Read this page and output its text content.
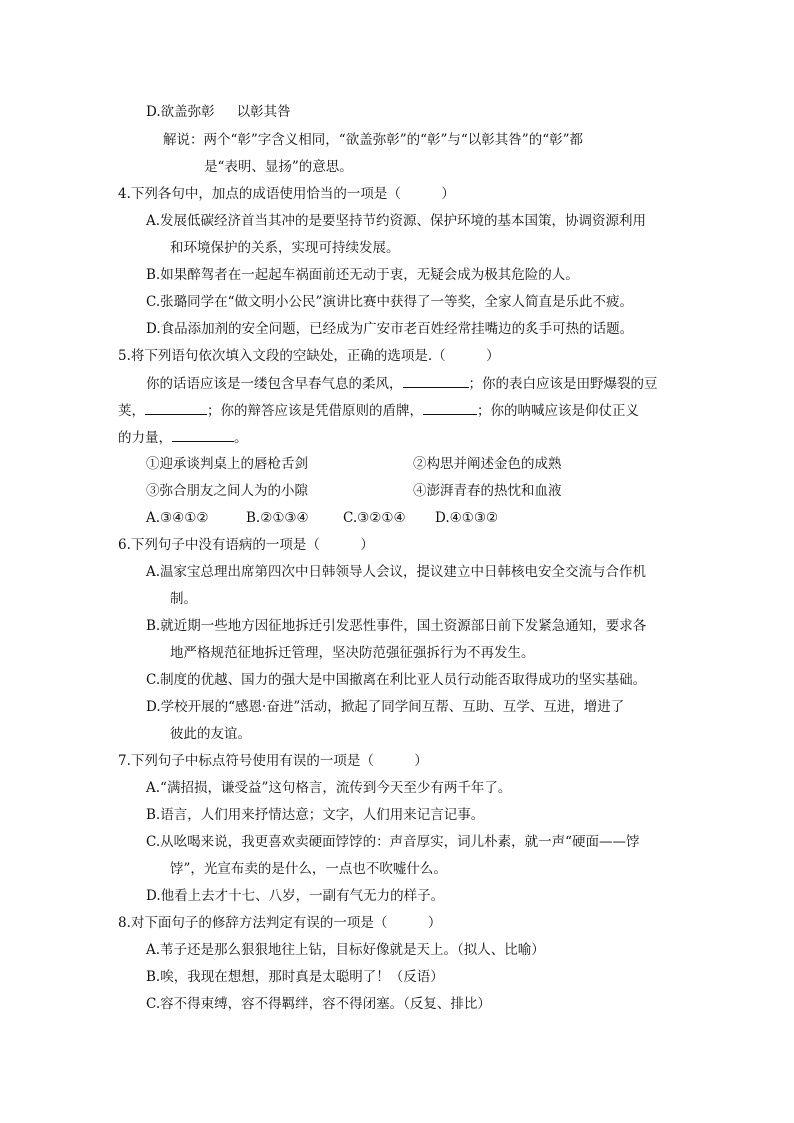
D.欲盖弥彰 以彰其咎
解说：两个“彰”字含义相同，“欲盖弥彰”的“彰”与“以彰其咎”的“彰”都
是“表明、显扬”的意思。
4.下列各句中，加点的成语使用恰当的一项是（　　　）
A.发展低碳经济首当其冲的是要坚持节约资源、保护环境的基本国策，协调资源利用
和环境保护的关系，实现可持续发展。
B.如果醉驾者在一起起车祸面前还无动于衷，无疑会成为极其危险的人。
C.张璐同学在“做文明小公民”演讲比赛中获得了一等奖，全家人简直是乐此不疲。
D.食品添加剂的安全问题，已经成为广安市老百姓经常挂嘴边的炙手可热的话题。
5.将下列语句依次填入文段的空缺处，正确的选项是.（　　　）
你的话语应该是一缕包含早春气息的柔风，	；你的表白应该是田野爆裂的豆
荚，	；你的辩答应该是凭借原则的盾牌，	；你的呐喊应该是仰仗正义
的力量，	。
①迎承谈判桌上的唇枪舌剑	②构思并阐述金色的成熟
③弥合朋友之间人为的小隙	④澎湃青春的热忱和血液
A.③④①②	B.②①③④	C.③②①④ D.④①③②
6.下列句子中没有语病的一项是（　　　）
A.温家宝总理出席第四次中日韩领导人会议，提议建立中日韩核电安全交流与合作机
制。
B.就近期一些地方因征地拆迁引发恶性事件，国土资源部日前下发紧急通知，要求各
地严格规范征地拆迁管理，坚决防范强征强拆行为不再发生。
C.制度的优越、国力的强大是中国撤离在利比亚人员行动能否取得成功的坚实基础。
D.学校开展的“感恩·奋进”活动，掀起了同学间互帮、互助、互学、互进，增进了
彼此的友谊。
7.下列句子中标点符号使用有误的一项是（　　　）
A.“满招损，谦受益”这句格言，流传到今天至少有两千年了。
B.语言，人们用来抒情达意；文字，人们用来记言记事。
C.从吆喝来说，我更喜欢卖硬面饽饽的：声音厚实，词儿朴素，就一声“硬面——饽
饽”，光宣布卖的是什么，一点也不吹嘘什么。
D.他看上去才十七、八岁，一副有气无力的样子。
8.对下面句子的修辞方法判定有误的一项是（　　　）
A.苇子还是那么狠狠地往上钻，目标好像就是天上。（拟人、比喻）
B.唉，我现在想想，那时真是太聪明了！（反语）
C.容不得束缚，容不得羁绊，容不得闭塞。（反复、排比）
